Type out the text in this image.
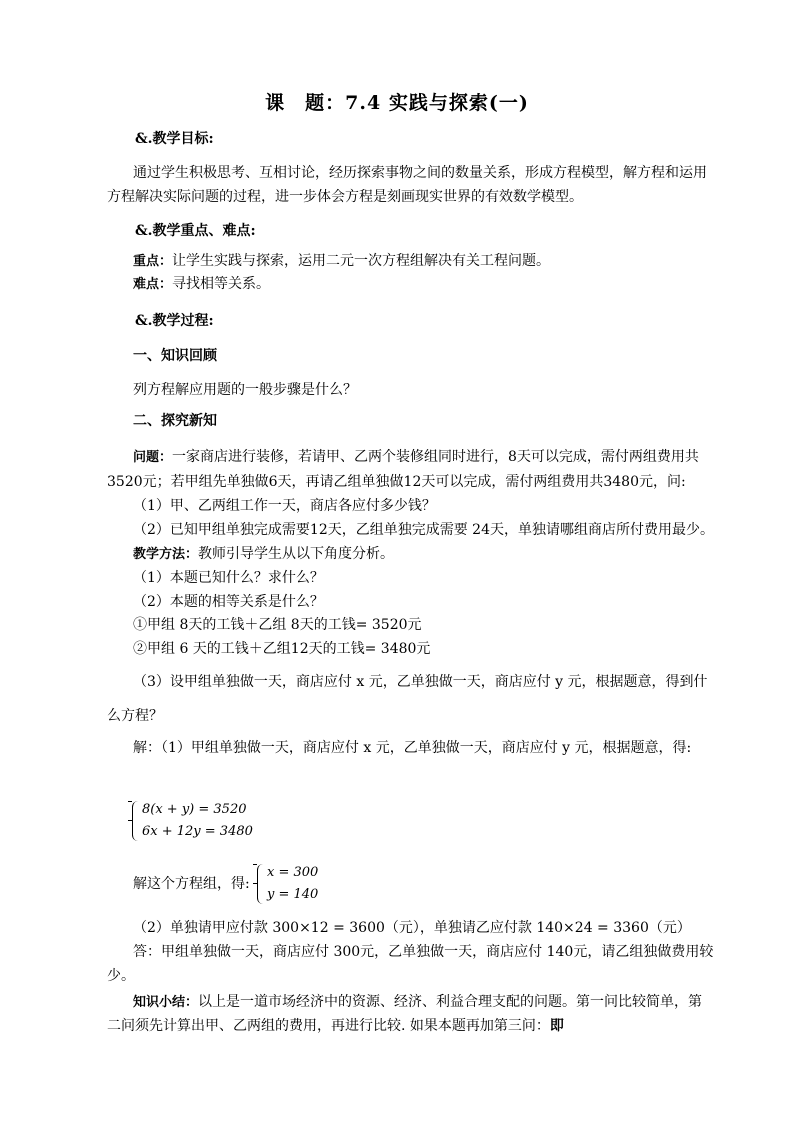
课　题：7.4 实践与探索(一)
&.教学目标:
通过学生积极思考、互相讨论，经历探索事物之间的数量关系，形成方程模型，解方程和运用
方程解决实际问题的过程，进一步体会方程是刻画现实世界的有效数学模型。
&.教学重点、难点:
重点：让学生实践与探索，运用二元一次方程组解决有关工程问题。
难点：寻找相等关系。
&.教学过程:
一、知识回顾
列方程解应用题的一般步骤是什么？
二、探究新知
问题：一家商店进行装修，若请甲、乙两个装修组同时进行，8天可以完成，需付两组费用共
3520元；若甲组先单独做6天，再请乙组单独做12天可以完成，需付两组费用共3480元，问:
（1）甲、乙两组工作一天，商店各应付多少钱？
（2）已知甲组单独完成需要12天，乙组单独完成需要 24天，单独请哪组商店所付费用最少。
教学方法：教师引导学生从以下角度分析。
（1）本题已知什么？求什么？
（2）本题的相等关系是什么？
①甲组 8天的工钱＋乙组 8天的工钱= 3520元
②甲组 6 天的工钱＋乙组12天的工钱= 3480元
（3）设甲组单独做一天，商店应付 x 元，乙单独做一天，商店应付 y 元，根据题意，得到什
么方程？
解：（1）甲组单独做一天，商店应付 x 元，乙单独做一天，商店应付 y 元，根据题意，得:
8(x + y) = 3520
6x + 12y = 3480
解这个方程组，得:
x = 300
y = 140
（2）单独请甲应付款 300×12 = 3600（元），单独请乙应付款 140×24 = 3360（元）
答：甲组单独做一天，商店应付 300元，乙单独做一天，商店应付 140元，请乙组独做费用较
少。
知识小结：以上是一道市场经济中的资源、经济、利益合理支配的问题。第一问比较简单，第
二问须先计算出甲、乙两组的费用，再进行比较. 如果本题再加第三问：即
